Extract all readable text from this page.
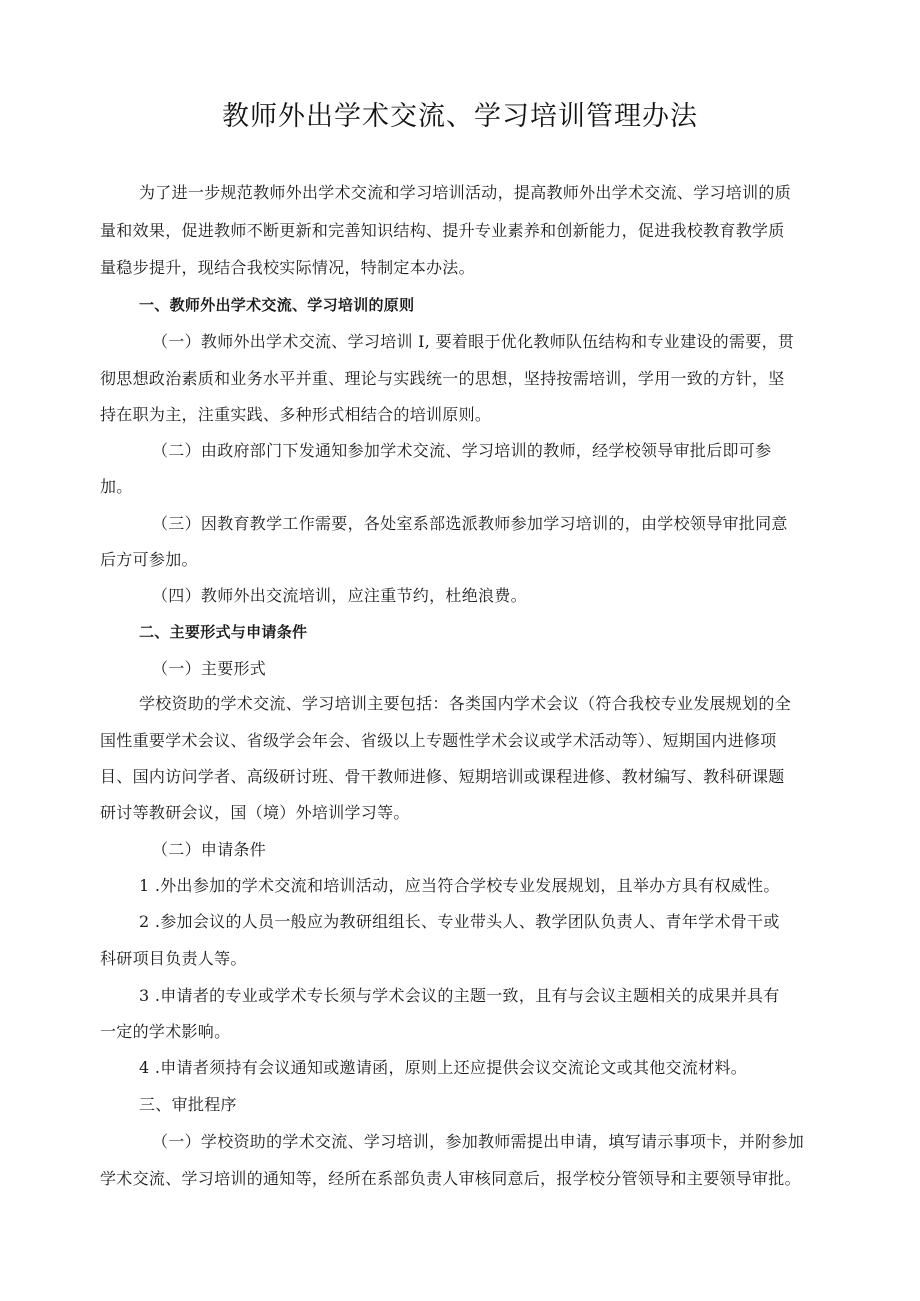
教师外出学术交流、学习培训管理办法
为了进一步规范教师外出学术交流和学习培训活动，提高教师外出学术交流、学习培训的质
量和效果，促进教师不断更新和完善知识结构、提升专业素养和创新能力，促进我校教育教学质
量稳步提升，现结合我校实际情况，特制定本办法。
一、教师外出学术交流、学习培训的原则
（一）教师外出学术交流、学习培训 I, 要着眼于优化教师队伍结构和专业建设的需要，贯
彻思想政治素质和业务水平并重、理论与实践统一的思想，坚持按需培训，学用一致的方针，坚
持在职为主，注重实践、多种形式相结合的培训原则。
（二）由政府部门下发通知参加学术交流、学习培训的教师，经学校领导审批后即可参
加。
（三）因教育教学工作需要，各处室系部选派教师参加学习培训的，由学校领导审批同意
后方可参加。
（四）教师外出交流培训，应注重节约，杜绝浪费。
二、主要形式与申请条件
（一）主要形式
学校资助的学术交流、学习培训主要包括：各类国内学术会议（符合我校专业发展规划的全
国性重要学术会议、省级学会年会、省级以上专题性学术会议或学术活动等）、短期国内进修项
目、国内访问学者、高级研讨班、骨干教师进修、短期培训或课程进修、教材编写、教科研课题
研讨等教研会议，国（境）外培训学习等。
（二）申请条件
1 .外出参加的学术交流和培训活动，应当符合学校专业发展规划，且举办方具有权威性。
2 .参加会议的人员一般应为教研组组长、专业带头人、教学团队负责人、青年学术骨干或
科研项目负责人等。
3 .申请者的专业或学术专长须与学术会议的主题一致，且有与会议主题相关的成果并具有
一定的学术影响。
4 .申请者须持有会议通知或邀请函，原则上还应提供会议交流论文或其他交流材料。
三、审批程序
（一）学校资助的学术交流、学习培训，参加教师需提出申请，填写请示事项卡，并附参加
学术交流、学习培训的通知等，经所在系部负责人审核同意后，报学校分管领导和主要领导审批。
